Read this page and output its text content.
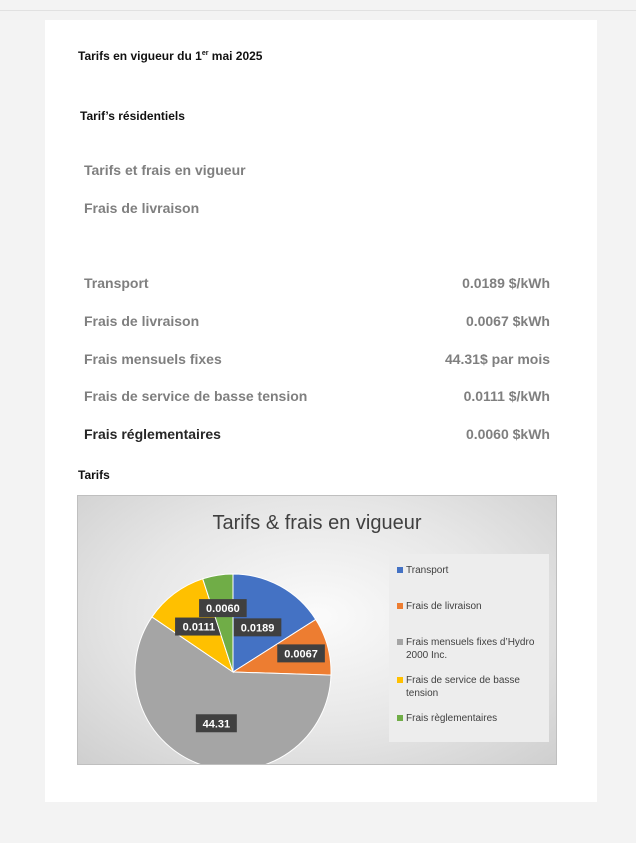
Tarifs en vigueur du 1er mai 2025
Tarif’s résidentiels
Tarifs et frais en vigueur
Frais de livraison
Transport	0.0189 $/kWh
Frais de livraison	0.0067 $kWh
Frais mensuels fixes	44.31$ par mois
Frais de service de basse tension	0.0111 $/kWh
Frais réglementaires	0.0060 $kWh
Tarifs
Tarifs & frais en vigueur
0.0189
0.0067
44.31
0.0111
0.0060
Transport
Frais de livraison
Frais mensuels fixes d’Hydro 2000 Inc.
Frais de service de basse tension
Frais règlementaires
